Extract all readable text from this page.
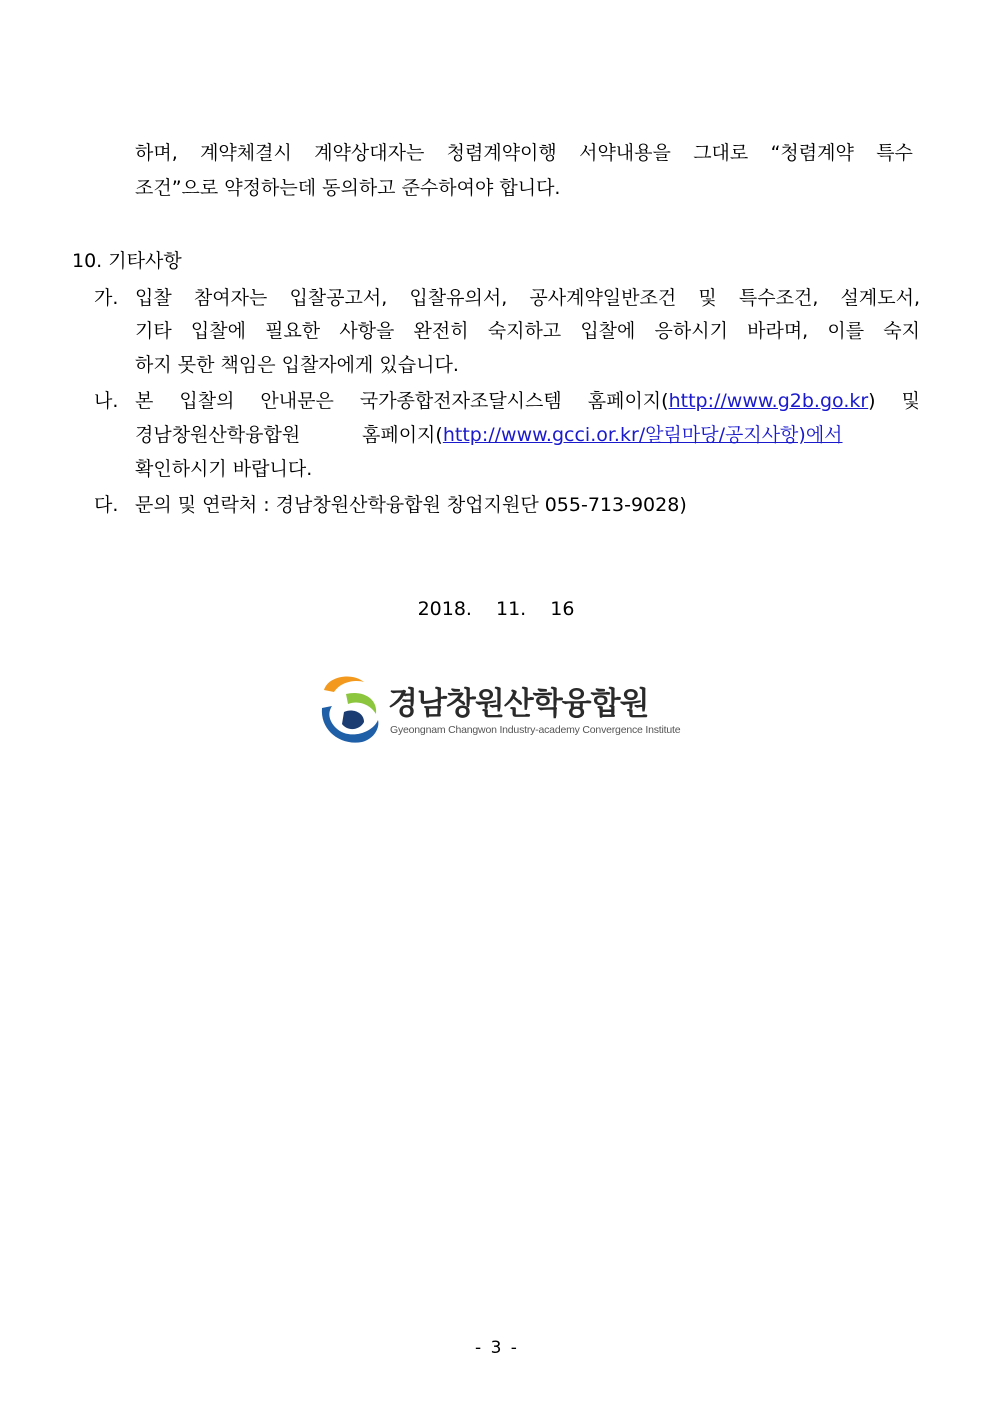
하며, 계약체결시 계약상대자는 청렴계약이행 서약내용을 그대로 “청렴계약 특수
조건”으로 약정하는데 동의하고 준수하여야 합니다.
10. 기타사항
가. 입찰 참여자는 입찰공고서, 입찰유의서, 공사계약일반조건 및 특수조건, 설계도서,
기타 입찰에 필요한 사항을 완전히 숙지하고 입찰에 응하시기 바라며, 이를 숙지
하지 못한 책임은 입찰자에게 있습니다.
나. 본 입찰의 안내문은 국가종합전자조달시스템 홈페이지(http://www.g2b.go.kr) 및
경남창원산학융합원	홈페이지(http://www.gcci.or.kr/알림마당/공지사항)에서
확인하시기 바랍니다.
다. 문의 및 연락처 : 경남창원산학융합원 창업지원단 055-713-9028)
2018. 11. 16
경남창원산학융합원
Gyeongnam Changwon Industry-academy Convergence Institute
- 3 -
